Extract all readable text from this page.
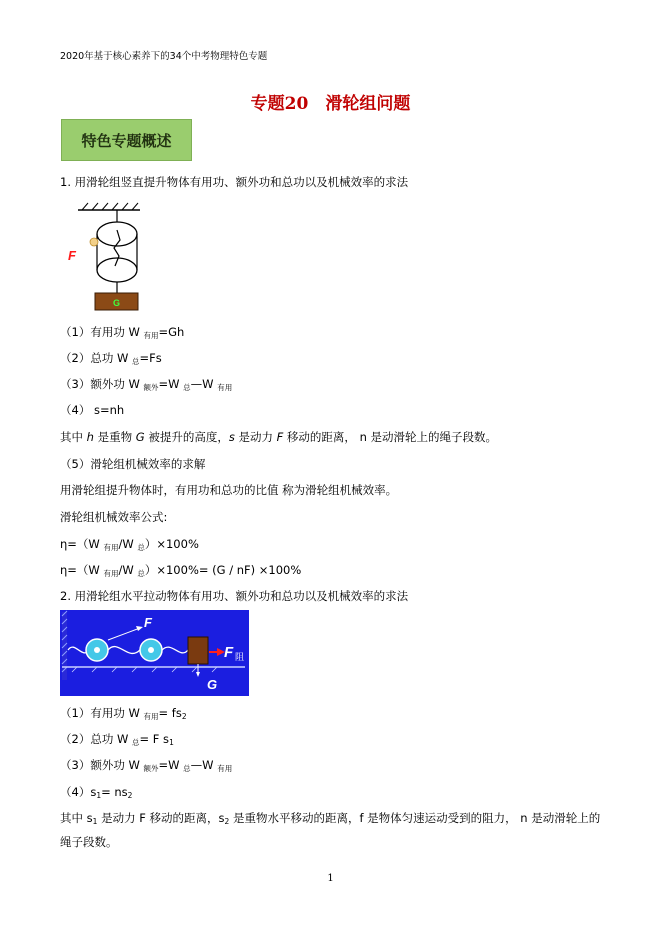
2020年基于核心素养下的34个中考物理特色专题
专题20　滑轮组问题
特色专题概述
1. 用滑轮组竖直提升物体有用功、额外功和总功以及机械效率的求法
F
G
（1）有用功 W $_{有用}$=Gh
（2）总功 W $_总$=Fs
（3）额外功 W $_{额外}$=W $_总$—W $_{有用}$
（4） s=nh
其中 h 是重物 G 被提升的高度，s 是动力 F 移动的距离， n 是动滑轮上的绳子段数。
（5）滑轮组机械效率的求解
用滑轮组提升物体时，有用功和总功的比值 称为滑轮组机械效率。
滑轮组机械效率公式:
η=（W $_{有用}$/W $_总$）×100%
η=（W $_{有用}$/W $_总$）×100%= (G / nF) ×100%
2. 用滑轮组水平拉动物体有用功、额外功和总功以及机械效率的求法
F
F 阻
G
（1）有用功 W $_{有用}= fs_2$
（2）总功 W $_总$= F $s_1$
（3）额外功 W $_{额外}$=W $_总$—W $_{有用}$
$(4)s_1= ns_2$
其中 $s_1$ 是动力 F 移动的距离，$s_2$ 是重物水平移动的距离，f 是物体匀速运动受到的阻力， n 是动滑轮上的
绳子段数。
1
